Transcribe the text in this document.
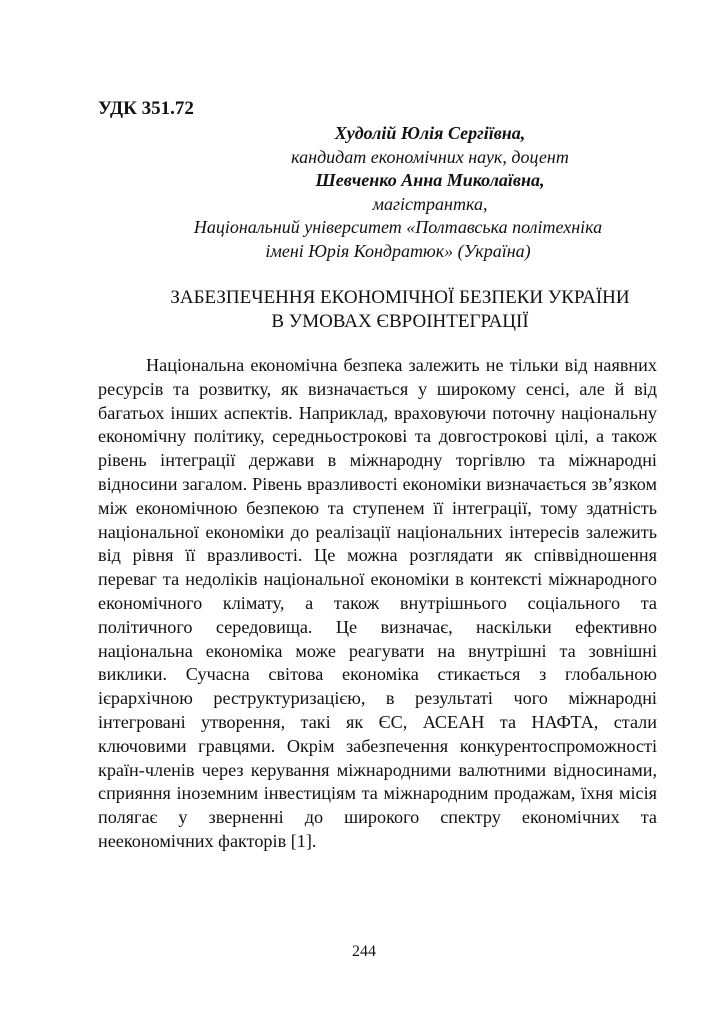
УДК 351.72
Худолій Юлія Сергіївна,
кандидат економічних наук, доцент
Шевченко Анна Миколаївна,
магістрантка,
Національний університет «Полтавська політехніка
імені Юрія Кондратюк» (Україна)
ЗАБЕЗПЕЧЕННЯ ЕКОНОМІЧНОЇ БЕЗПЕКИ УКРАЇНИ
В УМОВАХ ЄВРОІНТЕГРАЦІЇ
Національна економічна безпека залежить не тільки від наявних ресурсів та розвитку, як визначається у широкому сенсі, але й від багатьох інших аспектів. Наприклад, враховуючи поточну національну економічну політику, середньострокові та довгострокові цілі, а також рівень інтеграції держави в міжнародну торгівлю та міжнародні відносини загалом. Рівень вразливості економіки визначається зв’язком між економічною безпекою та ступенем її інтеграції, тому здатність національної економіки до реалізації національних інтересів залежить від рівня її вразливості. Це можна розглядати як співвідношення переваг та недоліків національної економіки в контексті міжнародного економічного клімату, а також внутрішнього соціального та політичного середовища. Це визначає, наскільки ефективно національна економіка може реагувати на внутрішні та зовнішні виклики. Сучасна світова економіка стикається з глобальною ієрархічною реструктуризацією, в результаті чого міжнародні інтегровані утворення, такі як ЄС, АСЕАН та НАФТА, стали ключовими гравцями. Окрім забезпечення конкурентоспроможності країн-членів через керування міжнародними валютними відносинами, сприяння іноземним інвестиціям та міжнародним продажам, їхня місія полягає у зверненні до широкого спектру економічних та неекономічних факторів [1].
244
